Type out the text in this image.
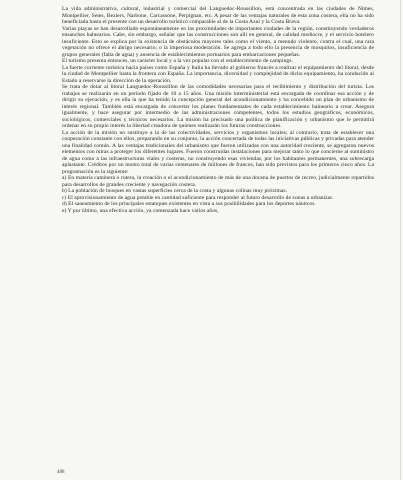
La vida administrativa, cultural, industrial y comercial del Languedoc-Roussillon, está concentrada en las ciudades de Nimes, Montpellier, Setes, Beziers, Narbone, Carcassone, Perpignan, etc. A pesar de las ventajas naturales de esta zona costera, ella no ha sido beneficiada hasta el presente con un desarrollo turístico comparable al de la Costa Azul y la Costa Brava.

Varias playas se han desarrollado espontáneamente en las proximidades de importantes ciudades de la región, constituyendo verdaderos ensanches balnearios. Cabe, sin embargo, señalar que las construcciones son allí en general, de calidad mediocre, y el servicio hotelero insuficiente. Esto se explica por la existencia de obstáculos mayores tales como el viento, a menudo violento, contra el cual, una rara vegetación no ofrece el abrigo necesario; o la imperiosa moderación. Se agrega a todo ello la presencia de mosquitos, insuficiencia de grupos generales (falta de agua) y ausencia de establecimientos portuarios para embarcaciones pequeñas.

El turismo presenta entonces, un carácter local y a la vez popular con el establecimiento de campings.

La fuerte corriente turística hacia países como España y Italia ha llevado al gobierno francés a realizar el equipamiento del litoral, desde la ciudad de Montpellier hasta la frontera con España. La importancia, diversidad y complejidad de dicho equipamiento, ha conducido al Estado a reservarse la dirección de la operación.

Se trata de dotar al litoral Languedoc-Roussillon de las comodidades necesarias para el recibimiento y distribución del turista. Los trabajos se realizarán en un período fijado de 10 a 15 años. Una misión interministerial está encargada de coordinar esa acción y de dirigir su ejecución, y es ella la que ha tenido la concepción general del acondicionamiento y ha concebido un plan de urbanismo de interés regional. También está encargada de concertar los planes fundamentales de cada establecimiento balneario a crear. Asegura igualmente, y hace asegurar por intermedio de las administraciones competentes, todos los estudios geográficos, económicos, sociológicos, comerciales y técnicos necesarios. La misión ha precisado una política de planificación y urbanismo que le permitirá ordenar en su propio interés la libertad creadora de quienes realizarán los futuras construcciones.

La acción de la misión no sustituye a la de las colectividades, servicios y organismos locales; al contrario, trata de establecer una cooperación constante con ellos, preparando en su conjunto, la acción concertada de todas las iniciativas públicas y privadas para atender una finalidad común. A las ventajas tradicionales del urbanismo que fueron utilizadas con una autoridad creciente, se agregaron nuevos elementos con miras a proteger los diferentes lugares. Fueron construidas instalaciones para mejorar tanto lo que concierne al suministro de agua como a las infraestructuras viales y costeras, no construyendo esas viviendas, por los habitantes permanentes, una sobrecarga aplastante. Créditos por un monto total de varias centenares de millones de francos, han sido previstos para los primeros cinco años. La programación es la siguiente:

a) En materia caminera o rutera, la creación o el acondicionamiento de más de una docena de puertos de recreo, judicialmente repartidos para desarrollos de grandes creciente y navegación costera.

b) La población de bosques en vastas superficies cerca de la costa y algunas colinas muy próximas.

c) El aprovisionamiento de agua potable en cantidad suficiente para responder al futuro desarrollo de zonas a urbanizar.

d) El saneamiento de los principales estanques existentes en vista a sus posibilidades para los deportes náuticos.

e) Y por último, una efectiva acción, ya comenzada hace varios años,

488
